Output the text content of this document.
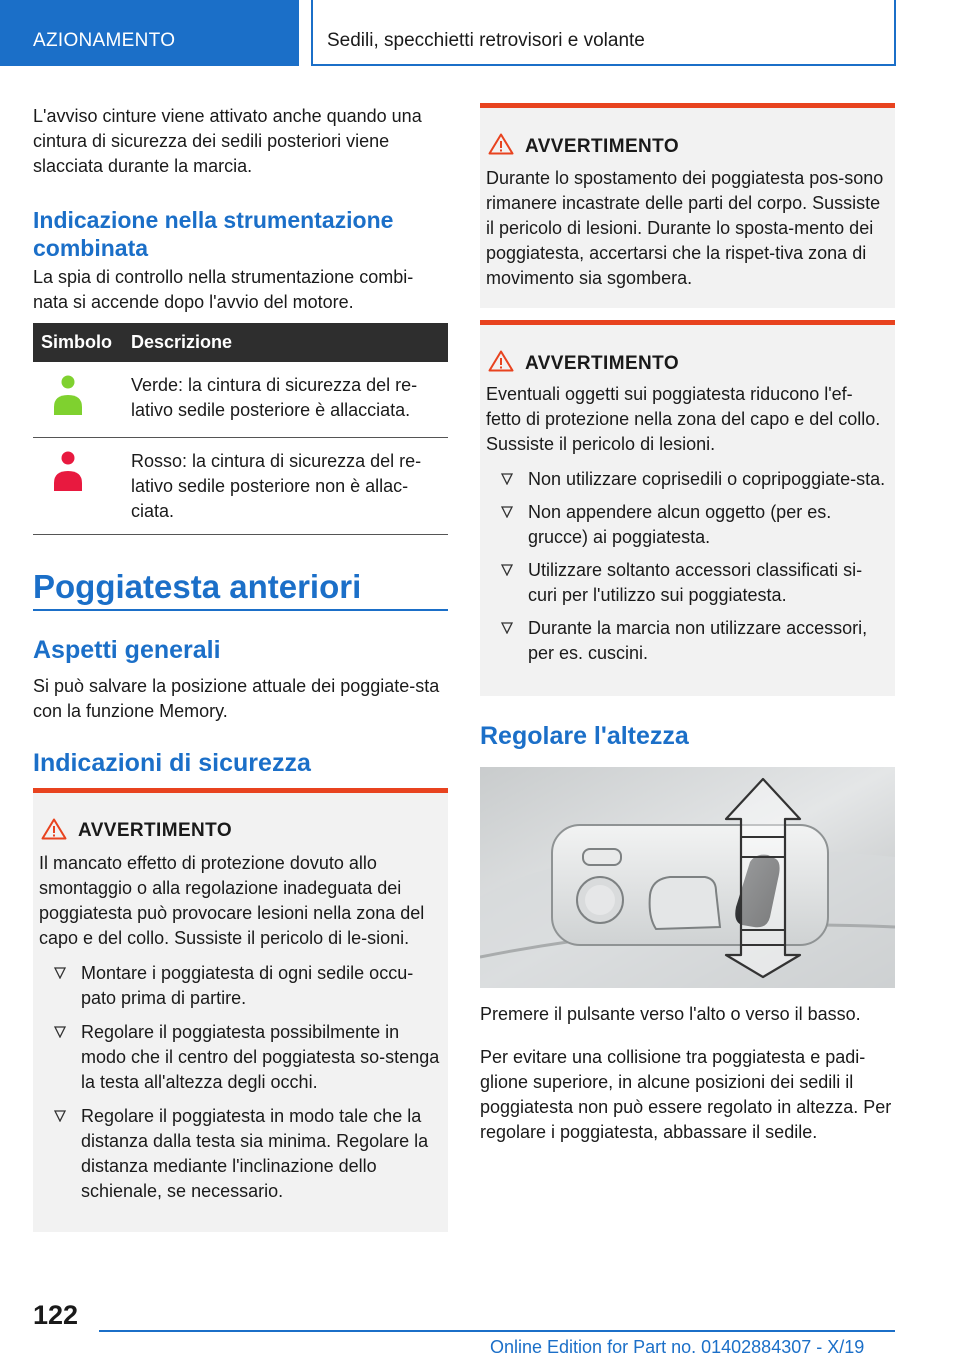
AZIONAMENTO	Sedili, specchietti retrovisori e volante

L'avviso cinture viene attivato anche quando una cintura di sicurezza dei sedili posteriori viene slacciata durante la marcia.

Indicazione nella strumentazione combinata

La spia di controllo nella strumentazione combi-nata si accende dopo l'avvio del motore.

Simbolo	Descrizione

	Verde: la cintura di sicurezza del re-lativo sedile posteriore è allacciata.

	Rosso: la cintura di sicurezza del re-lativo sedile posteriore non è allac-ciata.
Poggiatesta anteriori
Aspetti generali

Si può salvare la posizione attuale dei poggiate-sta con la funzione Memory.

Indicazioni di sicurezza
AVVERTIMENTO

Il mancato effetto di protezione dovuto allo smontaggio o alla regolazione inadeguata dei poggiatesta può provocare lesioni nella zona del capo e del collo. Sussiste il pericolo di le-sioni.

Montare i poggiatesta di ogni sedile occu-pato prima di partire.
Regolare il poggiatesta possibilmente in modo che il centro del poggiatesta so-stenga la testa all'altezza degli occhi.
Regolare il poggiatesta in modo tale che la distanza dalla testa sia minima. Regolare la distanza mediante l'inclinazione dello schienale, se necessario.
AVVERTIMENTO

Durante lo spostamento dei poggiatesta pos-sono rimanere incastrate delle parti del corpo. Sussiste il pericolo di lesioni. Durante lo sposta-mento dei poggiatesta, accertarsi che la rispet-tiva zona di movimento sia sgombera.

AVVERTIMENTO

Eventuali oggetti sui poggiatesta riducono l'ef-fetto di protezione nella zona del capo e del collo. Sussiste il pericolo di lesioni.

Non utilizzare coprisedili o copripoggiate-sta.
Non appendere alcun oggetto (per es. grucce) ai poggiatesta.
Utilizzare soltanto accessori classificati si-curi per l'utilizzo sui poggiatesta.
Durante la marcia non utilizzare accessori, per es. cuscini.
Regolare l'altezza

Premere il pulsante verso l'alto o verso il basso.

Per evitare una collisione tra poggiatesta e padi-glione superiore, in alcune posizioni dei sedili il poggiatesta non può essere regolato in altezza. Per regolare i poggiatesta, abbassare il sedile.

122
Online Edition for Part no. 01402884307 - X/19
